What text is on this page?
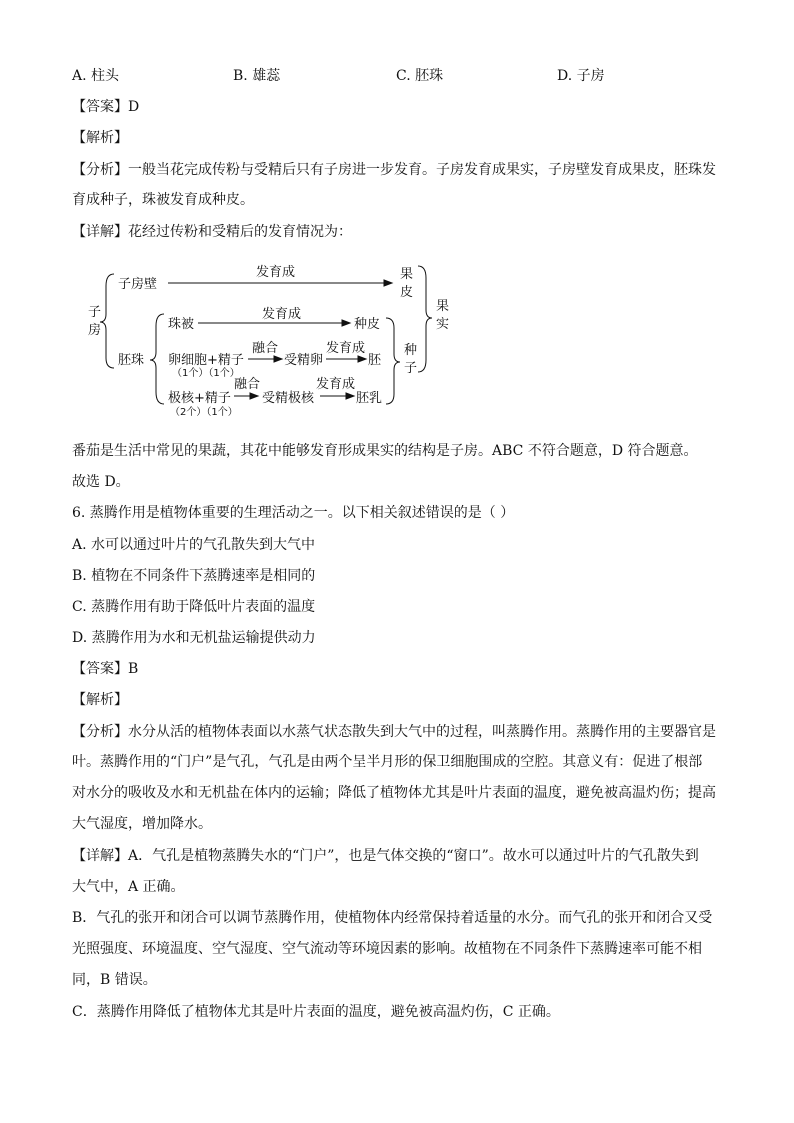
A. 柱头	B. 雄蕊	C. 胚珠	D. 子房
【答案】D
【解析】
【分析】一般当花完成传粉与受精后只有子房进一步发育。子房发育成果实，子房壁发育成果皮，胚珠发
育成种子，珠被发育成种皮。
【详解】花经过传粉和受精后的发育情况为：
子
房
子房壁
发育成	果
皮
果
实
胚珠
珠被
发育成
种皮
种
子
卵细胞+精子
（1个）（1个）
融合
受精卵
发育成
胚
极核+精子
（2个）（1个）
融合
受精极核
发育成
胚乳
番茄是生活中常见的果蔬，其花中能够发育形成果实的结构是子房。ABC 不符合题意，D 符合题意。
故选 D。
6. 蒸腾作用是植物体重要的生理活动之一。以下相关叙述错误的是（ ）
A. 水可以通过叶片的气孔散失到大气中
B. 植物在不同条件下蒸腾速率是相同的
C. 蒸腾作用有助于降低叶片表面的温度
D. 蒸腾作用为水和无机盐运输提供动力
【答案】B
【解析】
【分析】水分从活的植物体表面以水蒸气状态散失到大气中的过程，叫蒸腾作用。蒸腾作用的主要器官是
叶。蒸腾作用的“门户”是气孔，气孔是由两个呈半月形的保卫细胞围成的空腔。其意义有：促进了根部
对水分的吸收及水和无机盐在体内的运输；降低了植物体尤其是叶片表面的温度，避免被高温灼伤；提高
大气湿度，增加降水。
【详解】A．气孔是植物蒸腾失水的“门户”，也是气体交换的“窗口”。故水可以通过叶片的气孔散失到
大气中，A 正确。
B．气孔的张开和闭合可以调节蒸腾作用，使植物体内经常保持着适量的水分。而气孔的张开和闭合又受
光照强度、环境温度、空气湿度、空气流动等环境因素的影响。故植物在不同条件下蒸腾速率可能不相
同，B 错误。
C．蒸腾作用降低了植物体尤其是叶片表面的温度，避免被高温灼伤，C 正确。
